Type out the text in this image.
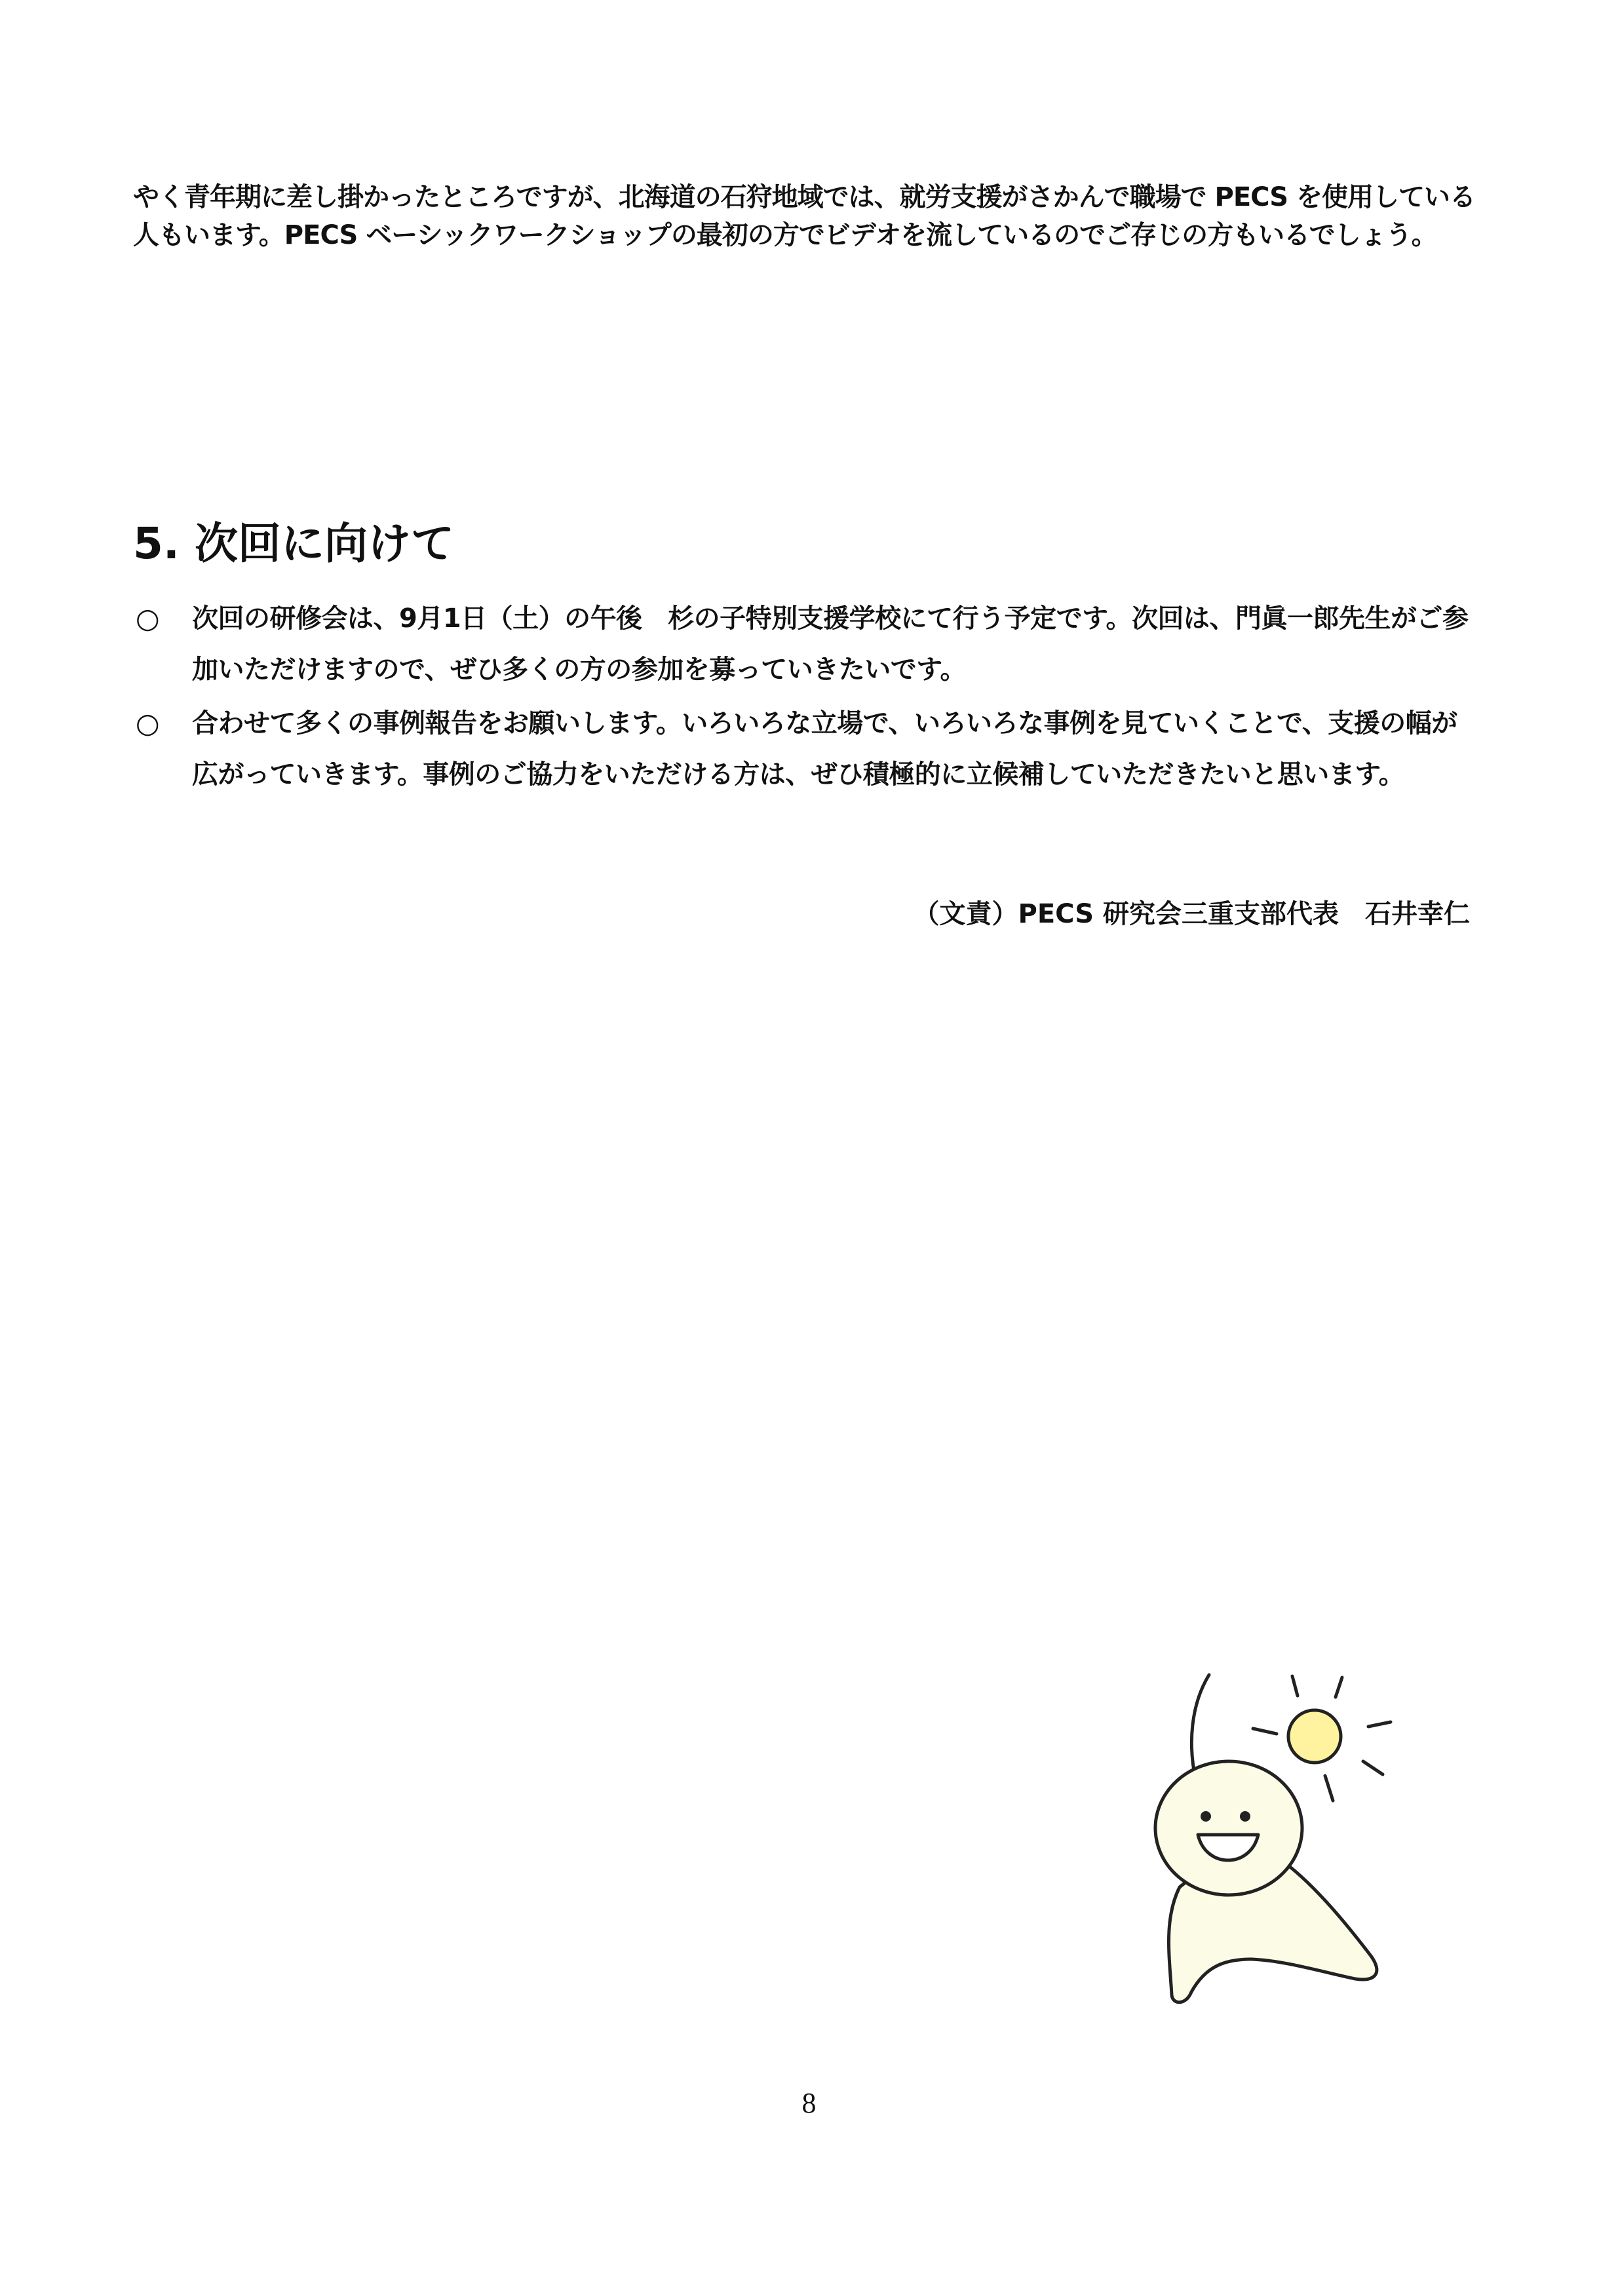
やく青年期に差し掛かったところですが、北海道の石狩地域では、就労支援がさかんで職場で PECS を使用している人もいます。PECS ベーシックワークショップの最初の方でビデオを流しているのでご存じの方もいるでしょう。

5. 次回に向けて
○ 次回の研修会は、9月1日（土）の午後　杉の子特別支援学校にて行う予定です。次回は、門眞一郎先生がご参加いただけますので、ぜひ多くの方の参加を募っていきたいです。
○ 合わせて多くの事例報告をお願いします。いろいろな立場で、いろいろな事例を見ていくことで、支援の幅が広がっていきます。事例のご協力をいただける方は、ぜひ積極的に立候補していただきたいと思います。

（文責）PECS 研究会三重支部代表　石井幸仁

8
